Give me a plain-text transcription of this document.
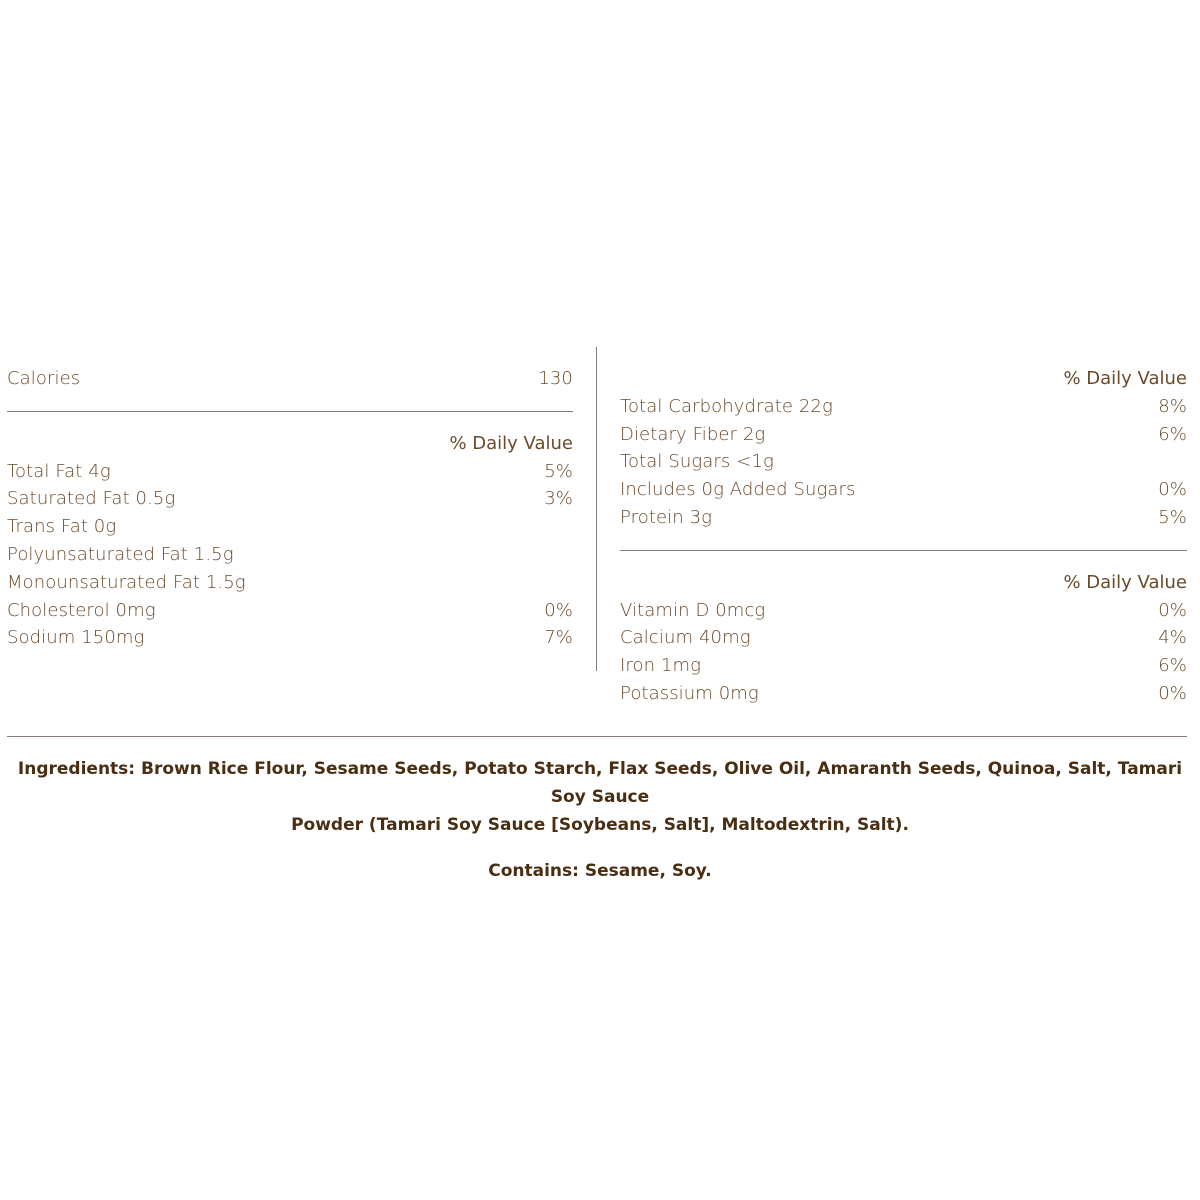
Calories	130
% Daily Value
Total Fat 4g	5%
Saturated Fat 0.5g	3%
Trans Fat 0g
Polyunsaturated Fat 1.5g
Monounsaturated Fat 1.5g
Cholesterol 0mg	0%
Sodium 150mg	7%
% Daily Value
Total Carbohydrate 22g	8%
Dietary Fiber 2g	6%
Total Sugars <1g
Includes 0g Added Sugars	0%
Protein 3g	5%
% Daily Value
Vitamin D 0mcg	0%
Calcium 40mg	4%
Iron 1mg	6%
Potassium 0mg	0%

Ingredients: Brown Rice Flour, Sesame Seeds, Potato Starch, Flax Seeds, Olive Oil, Amaranth Seeds, Quinoa, Salt, Tamari Soy Sauce

Powder (Tamari Soy Sauce [Soybeans, Salt], Maltodextrin, Salt).

Contains: Sesame, Soy.
